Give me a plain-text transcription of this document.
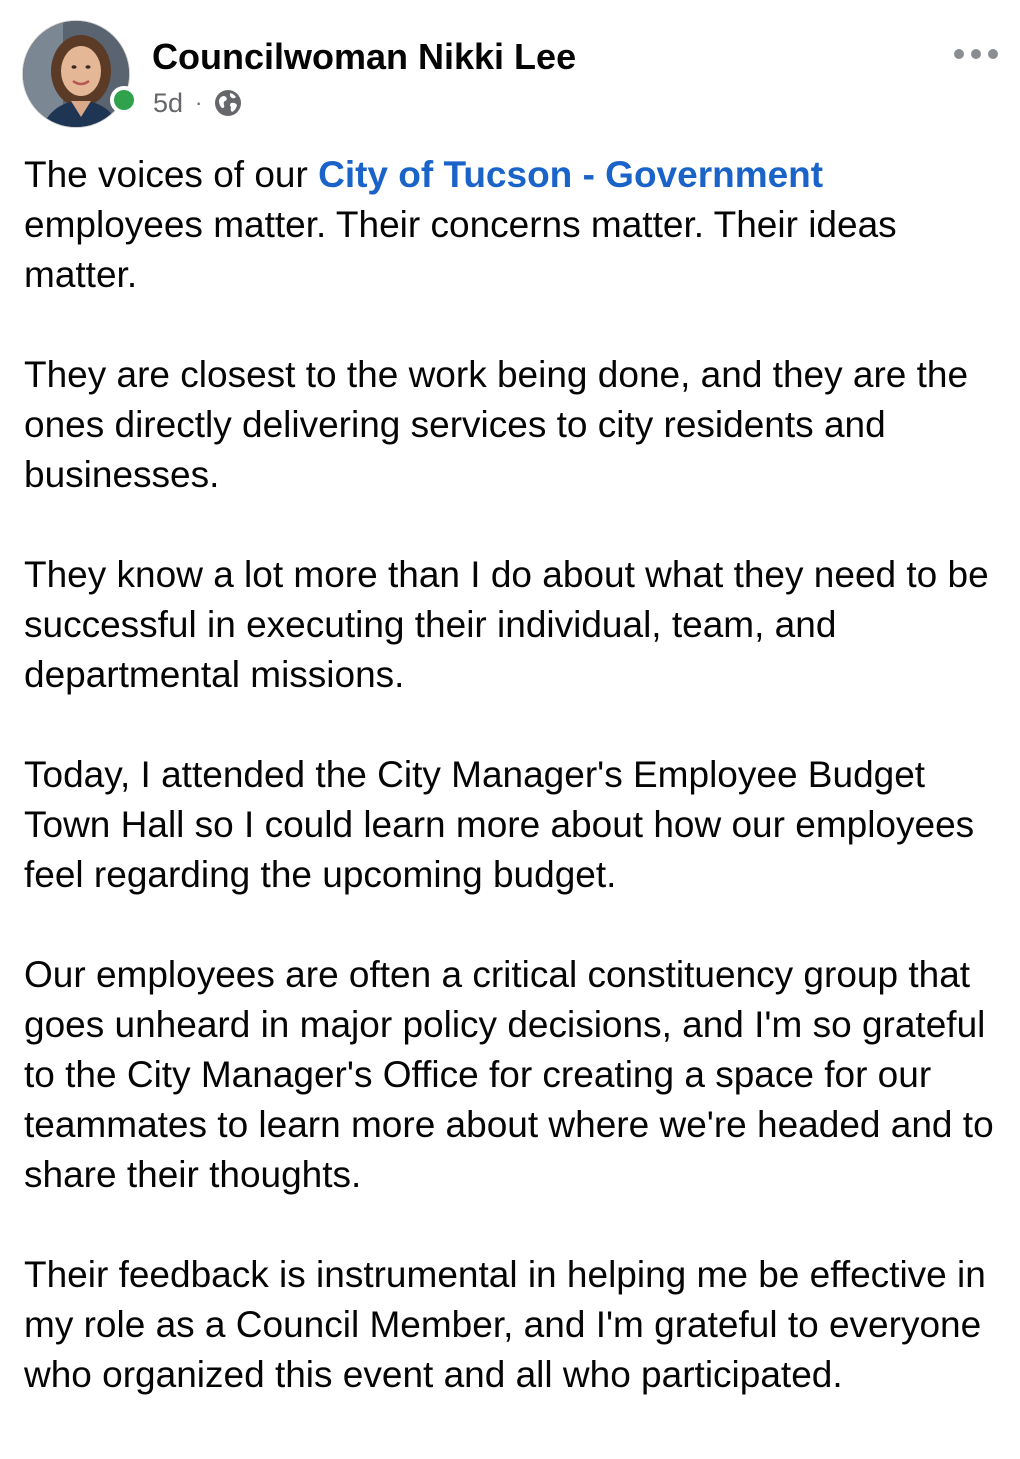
Councilwoman Nikki Lee
5d ·

The voices of our City of Tucson - Government employees matter. Their concerns matter. Their ideas matter.

They are closest to the work being done, and they are the ones directly delivering services to city residents and businesses.

They know a lot more than I do about what they need to be successful in executing their individual, team, and departmental missions.

Today, I attended the City Manager's Employee Budget Town Hall so I could learn more about how our employees feel regarding the upcoming budget.

Our employees are often a critical constituency group that goes unheard in major policy decisions, and I'm so grateful to the City Manager's Office for creating a space for our teammates to learn more about where we're headed and to share their thoughts.

Their feedback is instrumental in helping me be effective in my role as a Council Member, and I'm grateful to everyone who organized this event and all who participated.
